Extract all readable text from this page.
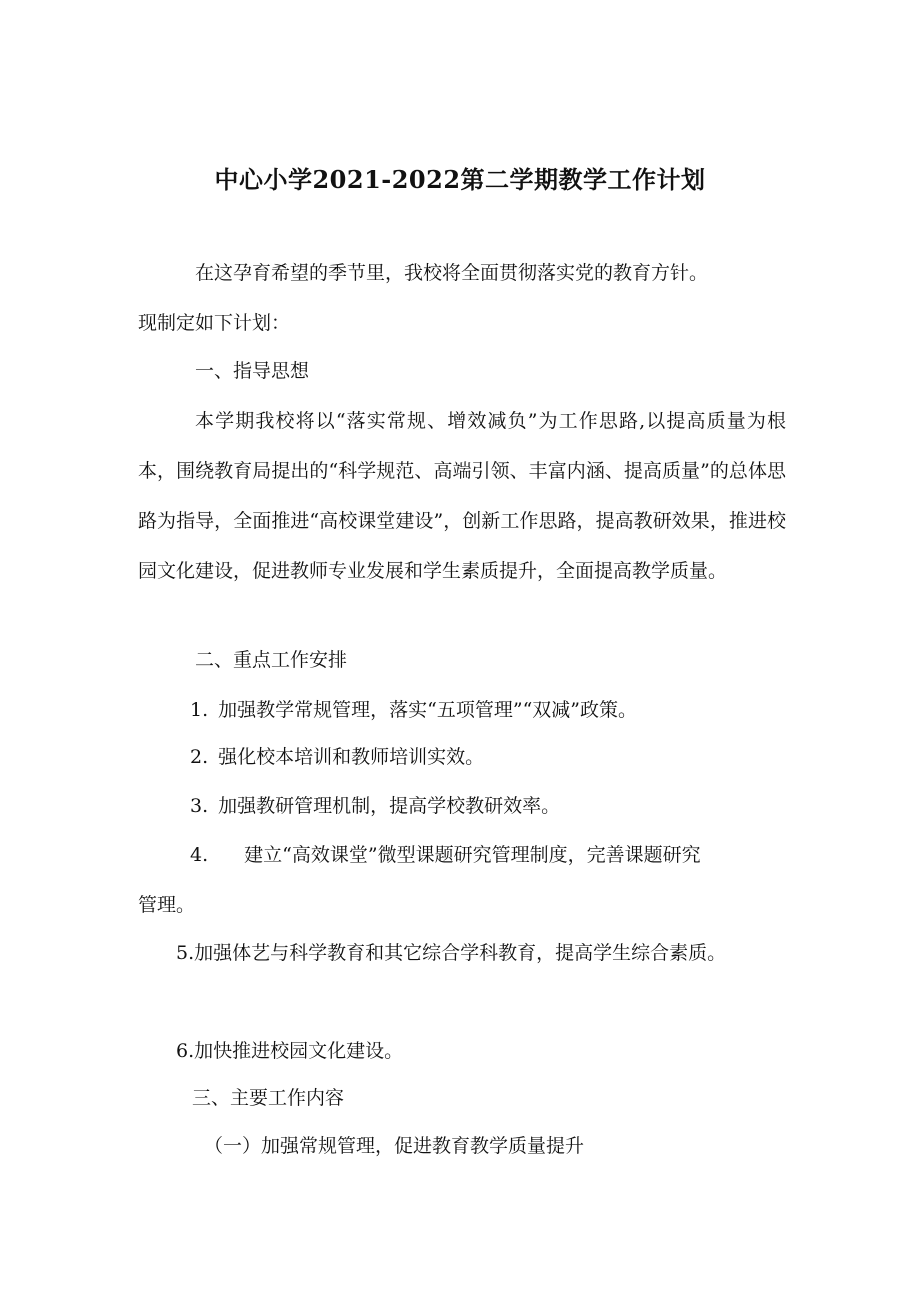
中心小学2021-2022第二学期教学工作计划
在这孕育希望的季节里，我校将全面贯彻落实党的教育方针。
现制定如下计划：
一、指导思想

本学期我校将以“落实常规、增效减负”为工作思路,以提高质量为根本，围绕教育局提出的“科学规范、高端引领、丰富内涵、提高质量”的总体思路为指导，全面推进“高校课堂建设”，创新工作思路，提高教研效果，推进校园文化建设，促进教师专业发展和学生素质提升，全面提高教学质量。

二、重点工作安排
1. 加强教学常规管理，落实“五项管理”“双减”政策。
2. 强化校本培训和教师培训实效。
3. 加强教研管理机制，提高学校教研效率。
4. 建立“高效课堂”微型课题研究管理制度，完善课题研究
管理。
5.加强体艺与科学教育和其它综合学科教育，提高学生综合素质。
6.加快推进校园文化建设。
三、主要工作内容
（一）加强常规管理，促进教育教学质量提升
